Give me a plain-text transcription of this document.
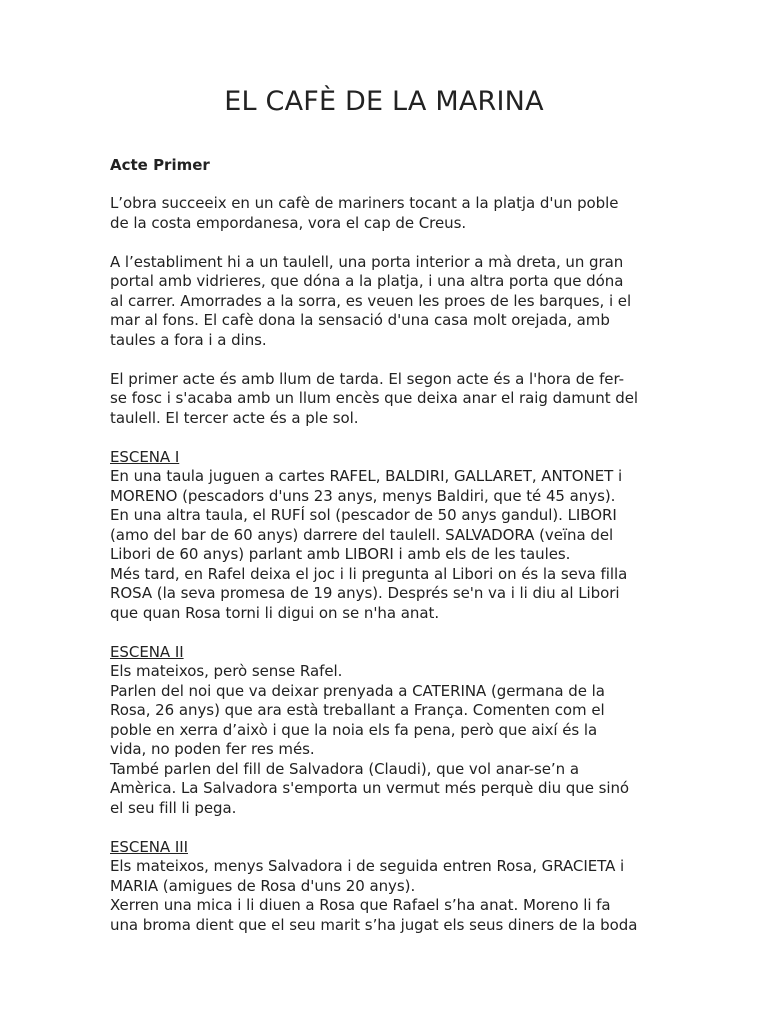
EL CAFÈ DE LA MARINA
Acte Primer
L’obra succeeix en un cafè de mariners tocant a la platja d'un poble
de la costa empordanesa, vora el cap de Creus.
A l’establiment hi a un taulell, una porta interior a mà dreta, un gran
portal amb vidrieres, que dóna a la platja, i una altra porta que dóna
al carrer. Amorrades a la sorra, es veuen les proes de les barques, i el
mar al fons. El cafè dona la sensació d'una casa molt orejada, amb
taules a fora i a dins.
El primer acte és amb llum de tarda. El segon acte és a l'hora de fer-
se fosc i s'acaba amb un llum encès que deixa anar el raig damunt del
taulell. El tercer acte és a ple sol.
ESCENA I
En una taula juguen a cartes RAFEL, BALDIRI, GALLARET, ANTONET i
MORENO (pescadors d'uns 23 anys, menys Baldiri, que té 45 anys).
En una altra taula, el RUFÍ sol (pescador de 50 anys gandul). LIBORI
(amo del bar de 60 anys) darrere del taulell. SALVADORA (veïna del
Libori de 60 anys) parlant amb LIBORI i amb els de les taules.
Més tard, en Rafel deixa el joc i li pregunta al Libori on és la seva filla
ROSA (la seva promesa de 19 anys). Després se'n va i li diu al Libori
que quan Rosa torni li digui on se n'ha anat.
ESCENA II
Els mateixos, però sense Rafel.
Parlen del noi que va deixar prenyada a CATERINA (germana de la
Rosa, 26 anys) que ara està treballant a França. Comenten com el
poble en xerra d’això i que la noia els fa pena, però que així és la
vida, no poden fer res més.
També parlen del fill de Salvadora (Claudi), que vol anar-se’n a
Amèrica. La Salvadora s'emporta un vermut més perquè diu que sinó
el seu fill li pega.
ESCENA III
Els mateixos, menys Salvadora i de seguida entren Rosa, GRACIETA i
MARIA (amigues de Rosa d'uns 20 anys).
Xerren una mica i li diuen a Rosa que Rafael s’ha anat. Moreno li fa
una broma dient que el seu marit s’ha jugat els seus diners de la boda
